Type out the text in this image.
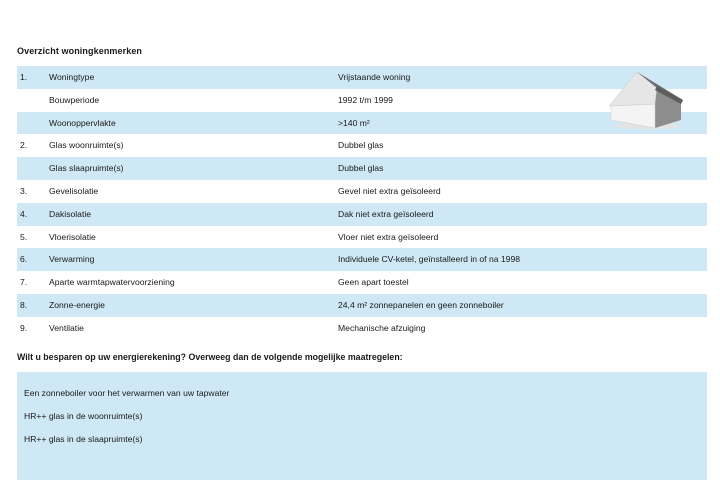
Overzicht woningkenmerken
1.	Woningtype	Vrijstaande woning
Bouwperiode	1992 t/m 1999
Woonoppervlakte	>140 m²
2.	Glas woonruimte(s)	Dubbel glas
Glas slaapruimte(s)	Dubbel glas
3.	Gevelisolatie	Gevel niet extra geïsoleerd
4.	Dakisolatie	Dak niet extra geïsoleerd
5.	Vloerisolatie	Vloer niet extra geïsoleerd
6.	Verwarming	Individuele CV-ketel, geïnstalleerd in of na 1998
7.	Aparte warmtapwatervoorziening	Geen apart toestel
8.	Zonne-energie	24,4 m² zonnepanelen en geen zonneboiler
9.	Ventilatie	Mechanische afzuiging
Wilt u besparen op uw energierekening? Overweeg dan de volgende mogelijke maatregelen:
Een zonneboiler voor het verwarmen van uw tapwater
HR++ glas in de woonruimte(s)
HR++ glas in de slaapruimte(s)
